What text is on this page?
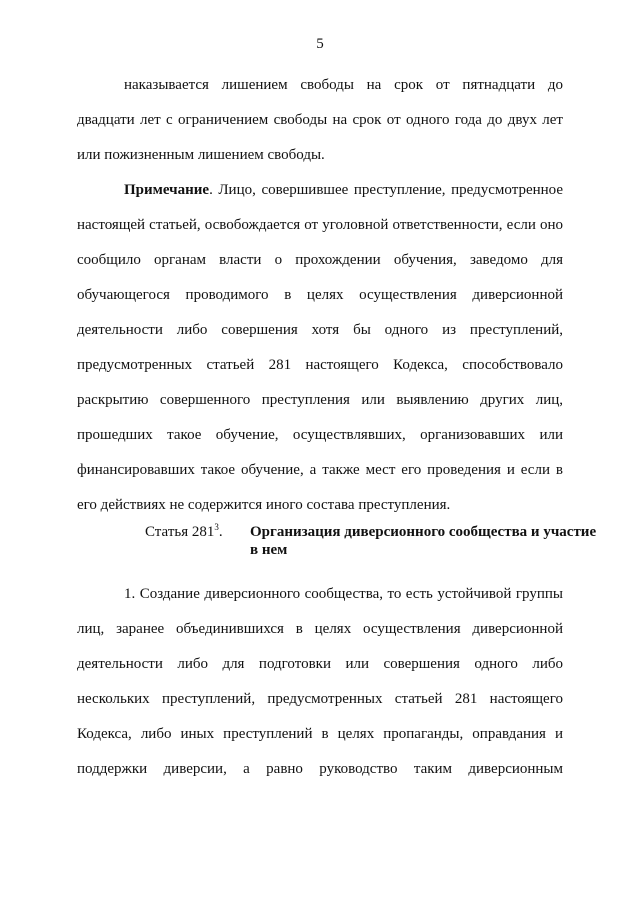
5
наказывается лишением свободы на срок от пятнадцати до
двадцати лет с ограничением свободы на срок от одного года до двух лет
или пожизненным лишением свободы.
Примечание. Лицо, совершившее преступление, предусмотренное
настоящей статьей, освобождается от уголовной ответственности, если оно
сообщило органам власти о прохождении обучения, заведомо для
обучающегося проводимого в целях осуществления диверсионной
деятельности либо совершения хотя бы одного из преступлений,
предусмотренных статьей 281 настоящего Кодекса, способствовало
раскрытию совершенного преступления или выявлению других лиц,
прошедших такое обучение, осуществлявших, организовавших или
финансировавших такое обучение, а также мест его проведения и если в
его действиях не содержится иного состава преступления.
Статья $281^3$. Организация диверсионного сообщества и участие
в нем
1. Создание диверсионного сообщества, то есть устойчивой группы
лиц, заранее объединившихся в целях осуществления диверсионной
деятельности либо для подготовки или совершения одного либо
нескольких преступлений, предусмотренных статьей 281 настоящего
Кодекса, либо иных преступлений в целях пропаганды, оправдания и
поддержки диверсии, а равно руководство таким диверсионным
